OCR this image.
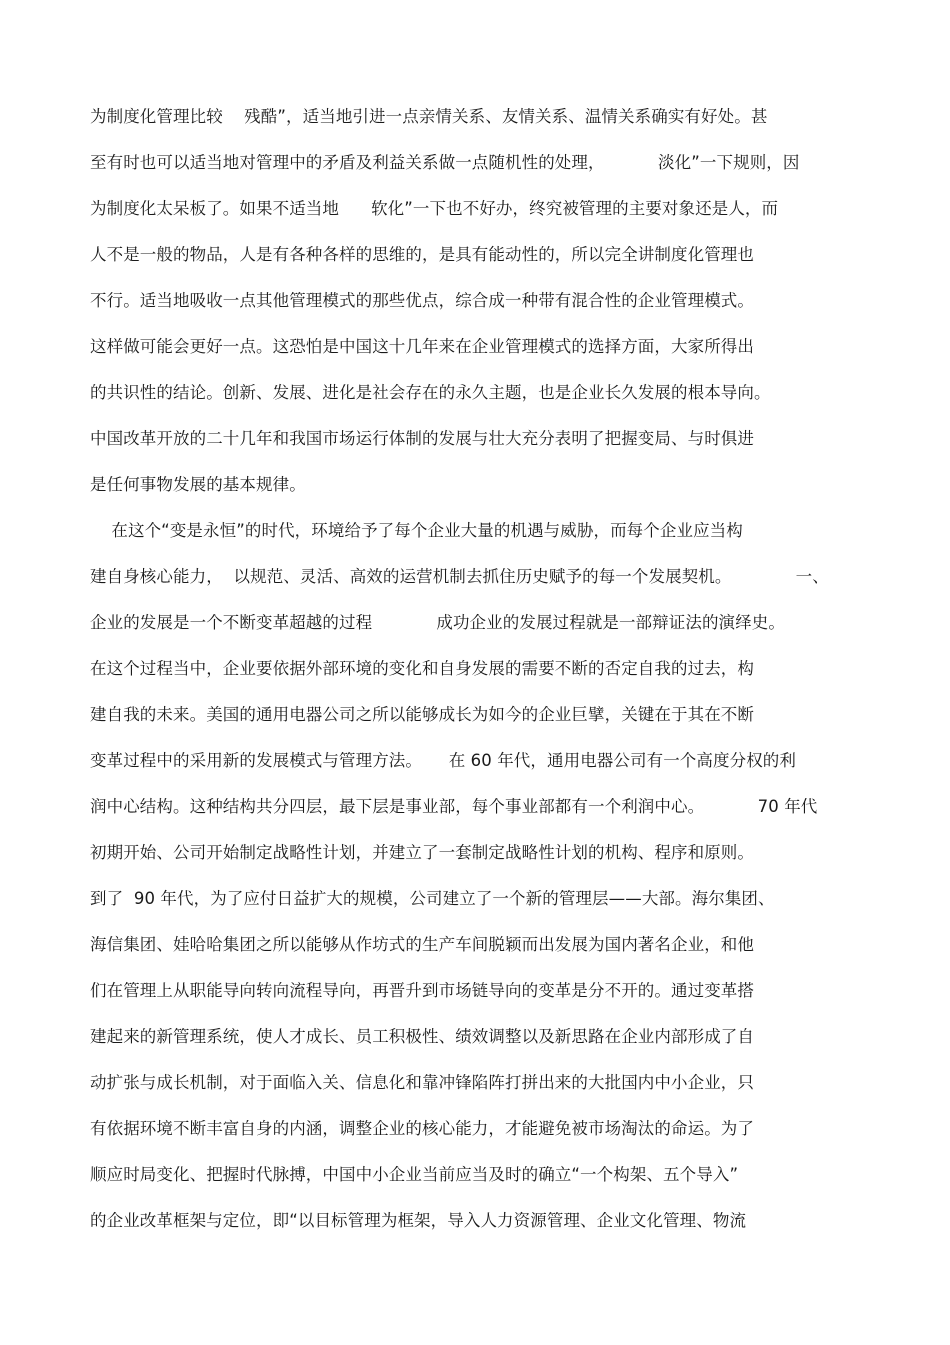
为制度化管理比较    残酷”，适当地引进一点亲情关系、友情关系、温情关系确实有好处。甚
至有时也可以适当地对管理中的矛盾及利益关系做一点随机性的处理，          淡化”一下规则，因
为制度化太呆板了。如果不适当地      软化”一下也不好办，终究被管理的主要对象还是人，而
人不是一般的物品，人是有各种各样的思维的，是具有能动性的，所以完全讲制度化管理也
不行。适当地吸收一点其他管理模式的那些优点，综合成一种带有混合性的企业管理模式。
这样做可能会更好一点。这恐怕是中国这十几年来在企业管理模式的选择方面，大家所得出
的共识性的结论。创新、发展、进化是社会存在的永久主题，也是企业长久发展的根本导向。
中国改革开放的二十几年和我国市场运行体制的发展与壮大充分表明了把握变局、与时俱进
是任何事物发展的基本规律。
在这个“变是永恒”的时代，环境给予了每个企业大量的机遇与威胁，而每个企业应当构
建自身核心能力，  以规范、灵活、高效的运营机制去抓住历史赋予的每一个发展契机。            一、
企业的发展是一个不断变革超越的过程            成功企业的发展过程就是一部辩证法的演绎史。
在这个过程当中，企业要依据外部环境的变化和自身发展的需要不断的否定自我的过去，构
建自我的未来。美国的通用电器公司之所以能够成长为如今的企业巨擘，关键在于其在不断
变革过程中的采用新的发展模式与管理方法。     在 60 年代，通用电器公司有一个高度分权的利
润中心结构。这种结构共分四层，最下层是事业部，每个事业部都有一个利润中心。          70 年代
初期开始、公司开始制定战略性计划，并建立了一套制定战略性计划的机构、程序和原则。
到了  90 年代，为了应付日益扩大的规模，公司建立了一个新的管理层——大部。海尔集团、
海信集团、娃哈哈集团之所以能够从作坊式的生产车间脱颖而出发展为国内著名企业，和他
们在管理上从职能导向转向流程导向，再晋升到市场链导向的变革是分不开的。通过变革搭
建起来的新管理系统，使人才成长、员工积极性、绩效调整以及新思路在企业内部形成了自
动扩张与成长机制，对于面临入关、信息化和靠冲锋陷阵打拼出来的大批国内中小企业，只
有依据环境不断丰富自身的内涵，调整企业的核心能力，才能避免被市场淘汰的命运。为了
顺应时局变化、把握时代脉搏，中国中小企业当前应当及时的确立“一个构架、五个导入”
的企业改革框架与定位，即“以目标管理为框架，导入人力资源管理、企业文化管理、物流
